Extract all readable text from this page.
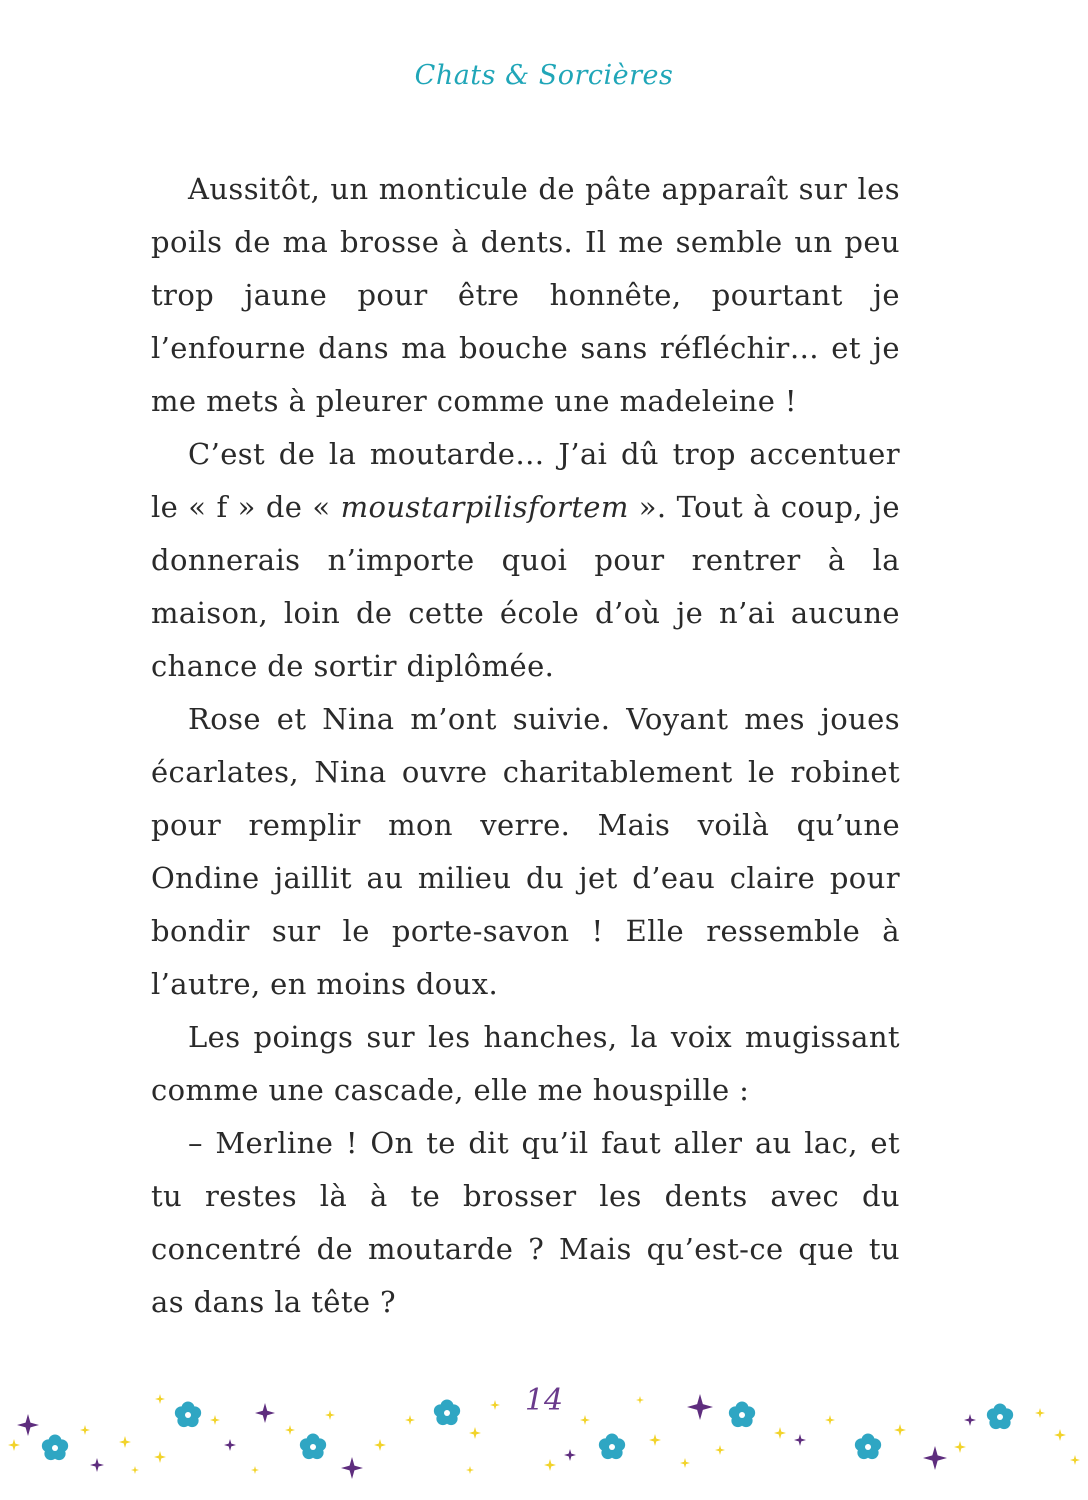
Chats & Sorcières

Aussitôt, un monticule de pâte apparaît sur les poils de ma brosse à dents. Il me semble un peu trop jaune pour être honnête, pourtant je l’enfourne dans ma bouche sans réfléchir… et je me mets à pleurer comme une madeleine !

C’est de la moutarde… J’ai dû trop accentuer le « f » de « moustarpilisfortem ». Tout à coup, je donnerais n’importe quoi pour rentrer à la maison, loin de cette école d’où je n’ai aucune chance de sortir diplômée.

Rose et Nina m’ont suivie. Voyant mes joues écarlates, Nina ouvre charitablement le robinet pour remplir mon verre. Mais voilà qu’une Ondine jaillit au milieu du jet d’eau claire pour bondir sur le porte-savon ! Elle ressemble à l’autre, en moins doux.

Les poings sur les hanches, la voix mugissant comme une cascade, elle me houspille :

– Merline ! On te dit qu’il faut aller au lac, et tu restes là à te brosser les dents avec du concentré de moutarde ? Mais qu’est-ce que tu as dans la tête ?

14
